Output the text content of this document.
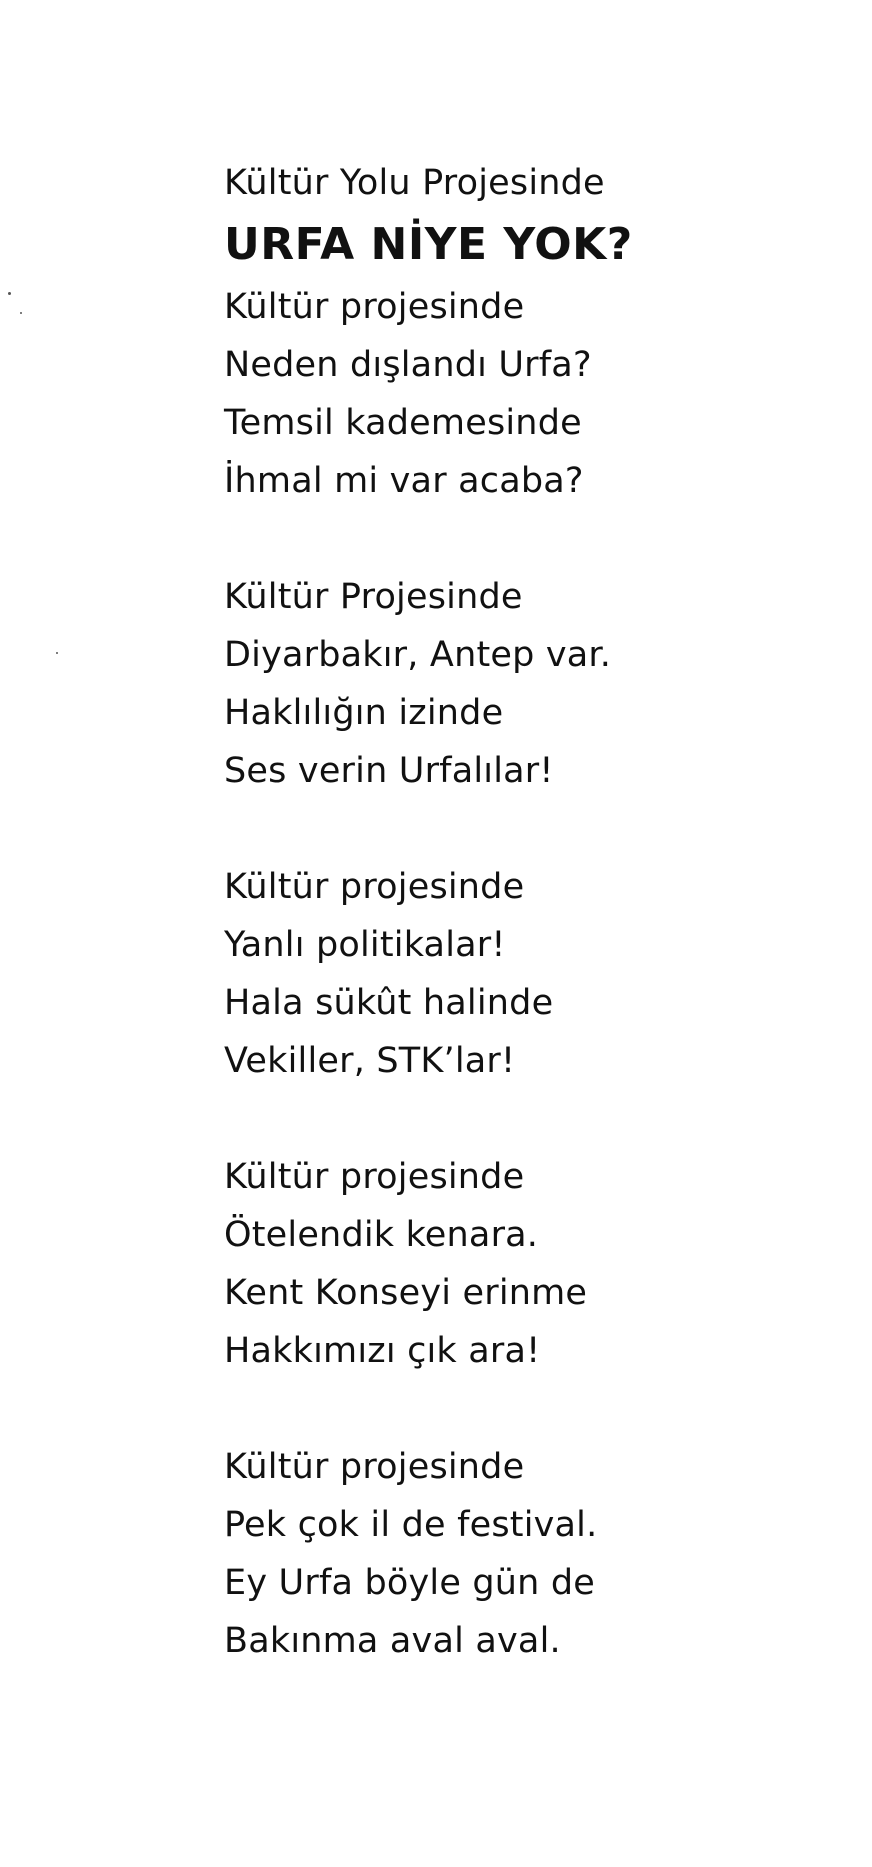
Kültür Yolu Projesinde
URFA NİYE YOK?
Kültür projesinde
Neden dışlandı Urfa?
Temsil kademesinde
İhmal mi var acaba?
Kültür Projesinde
Diyarbakır, Antep var.
Haklılığın izinde
Ses verin Urfalılar!
Kültür projesinde
Yanlı politikalar!
Hala sükût halinde
Vekiller, STK’lar!
Kültür projesinde
Ötelendik kenara.
Kent Konseyi erinme
Hakkımızı çık ara!
Kültür projesinde
Pek çok il de festival.
Ey Urfa böyle gün de
Bakınma aval aval.
